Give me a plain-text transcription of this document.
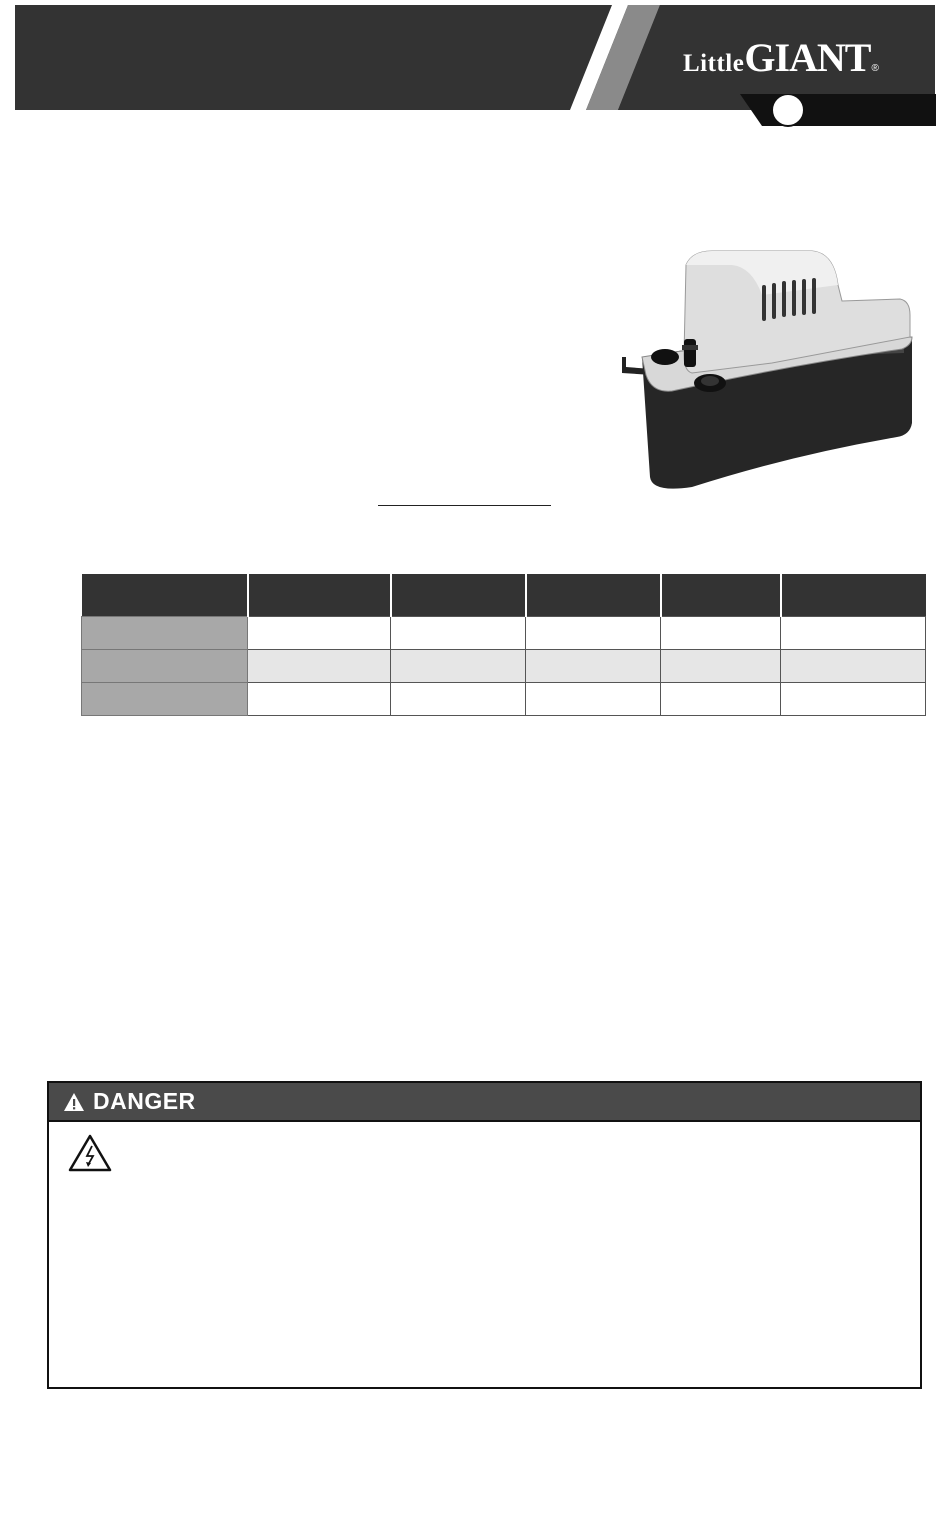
Little GIANT ®

DANGER
